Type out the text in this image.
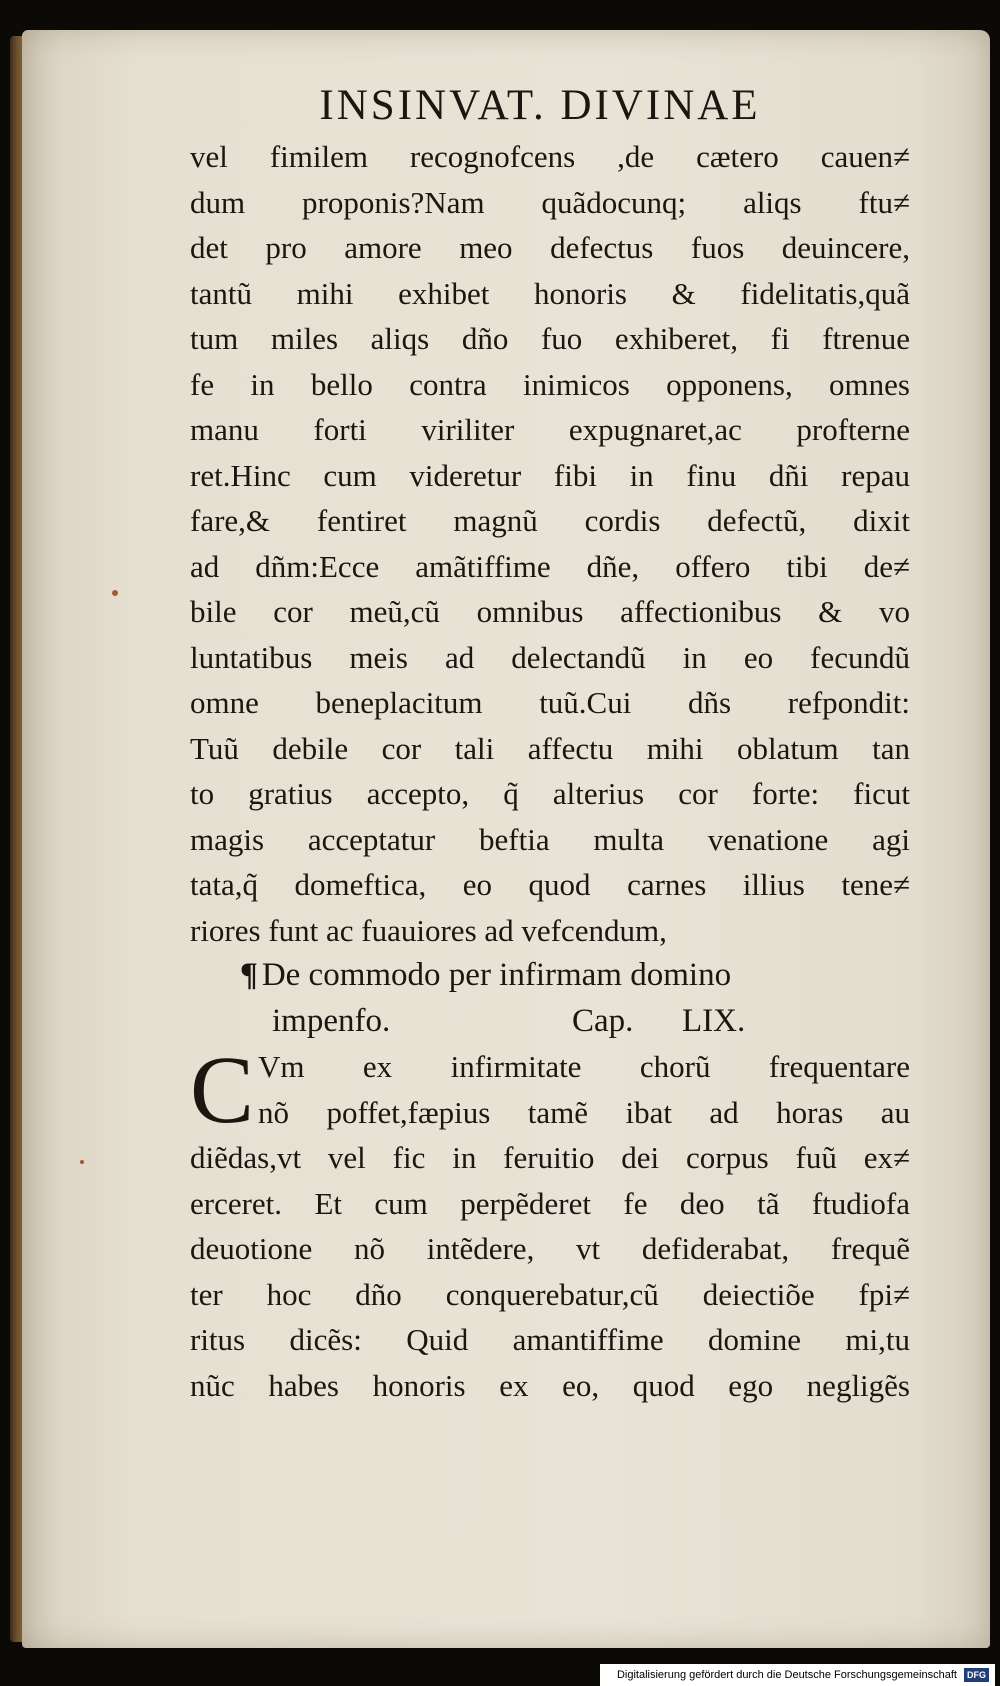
INSINVAT. DIVINAE
vel fimilem recognofcens ,de cætero cauen≠
dum proponis?Nam quãdocunq; aliqs ftu≠
det pro amore meo defectus fuos deuincere,
tantũ mihi exhibet honoris & fidelitatis,quã
tum miles aliqs dño fuo exhiberet, fi ftrenue
fe in bello contra inimicos opponens, omnes
manu forti viriliter expugnaret,ac profterne
ret.Hinc cum videretur fibi in finu dñi repau
fare,& fentiret magnũ cordis defectũ, dixit
ad dñm:Ecce amãtiffime dñe, offero tibi de≠
bile cor meũ,cũ omnibus affectionibus & vo
luntatibus meis ad delectandũ in eo fecundũ
omne beneplacitum tuũ.Cui dñs refpondit:
Tuũ debile cor tali affectu mihi oblatum tan
to gratius accepto, q̃ alterius cor forte: ficut
magis acceptatur beftia multa venatione agi
tata,q̃ domeftica, eo quod carnes illius tene≠
riores funt ac fuauiores ad vefcendum,
¶ De commodo per infirmam domino
impenfo.	Cap.	LIX.
C Vm ex infirmitate chorũ frequentare
nõ poffet,fæpius tamẽ ibat ad horas au
diẽdas,vt vel fic in feruitio dei corpus fuũ ex≠
erceret. Et cum perpẽderet fe deo tã ftudiofa
deuotione nõ intẽdere, vt defiderabat, frequẽ
ter hoc dño conquerebatur,cũ deiectiõe fpi≠
ritus dicẽs: Quid amantiffime domine mi,tu
nũc habes honoris ex eo, quod ego negligẽs
Digitalisierung gefördert durch die Deutsche Forschungsgemeinschaft DFG
